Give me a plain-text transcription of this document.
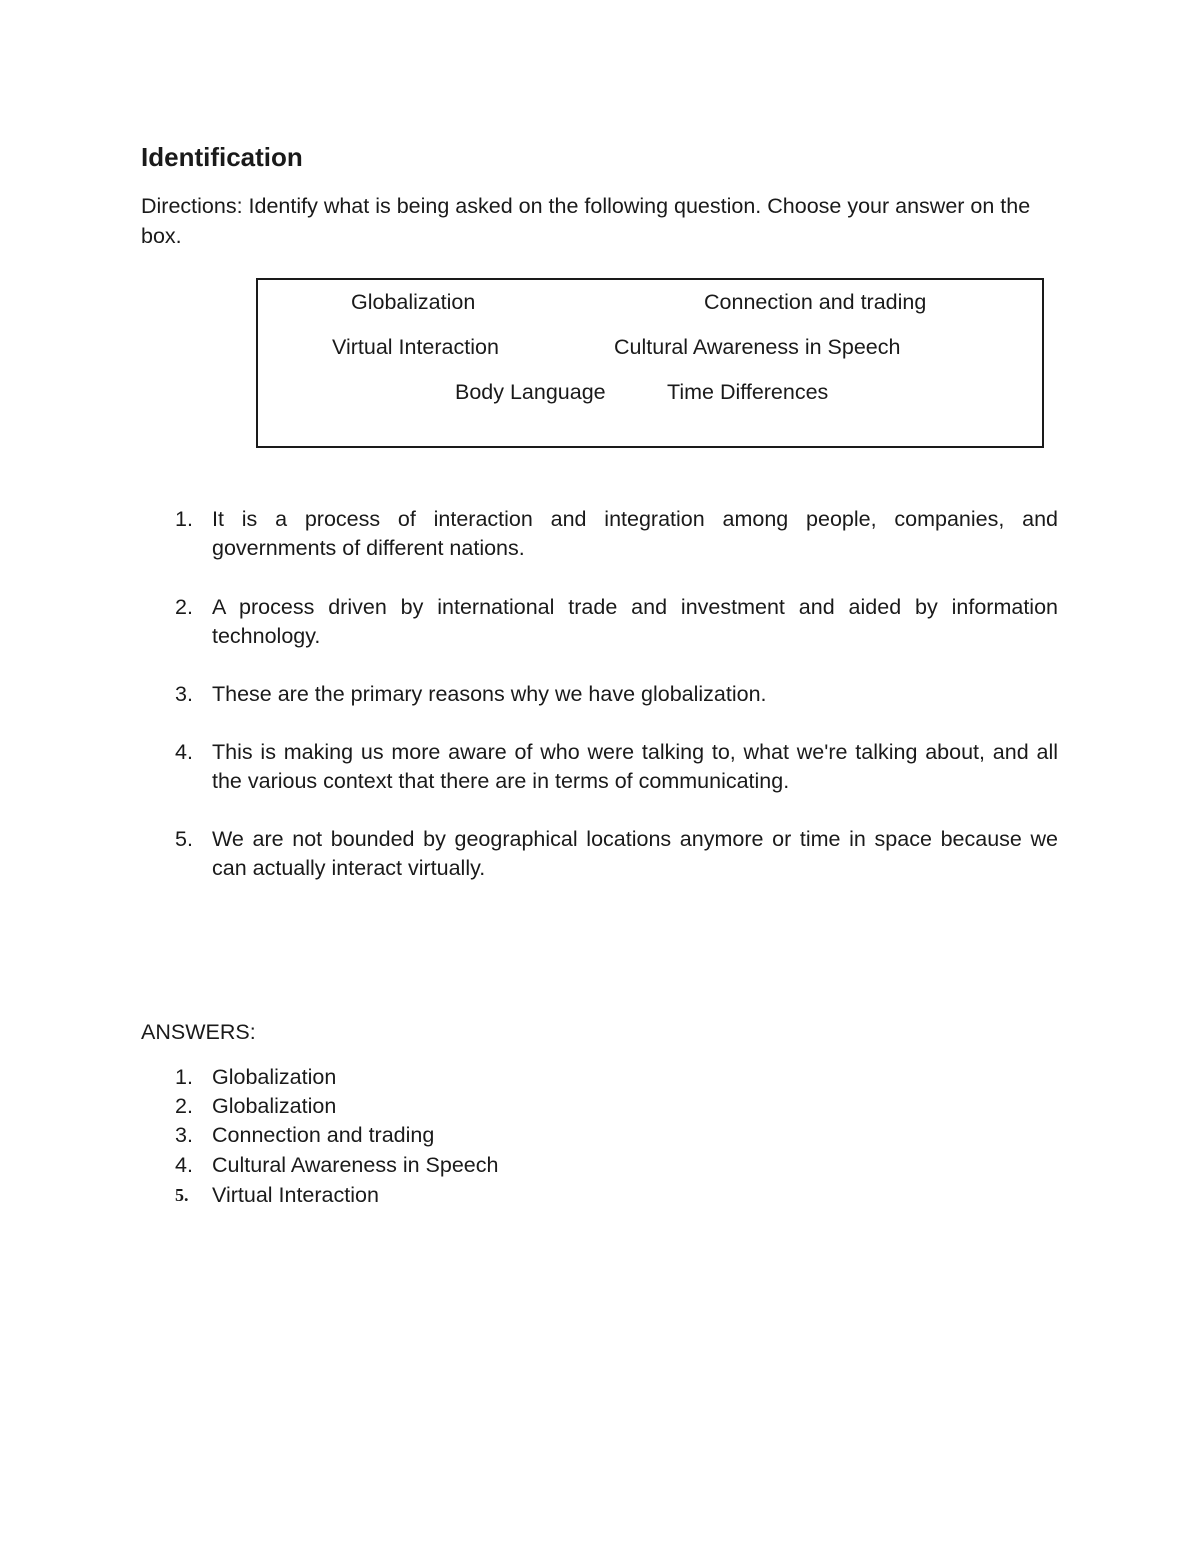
Identification

Directions: Identify what is being asked on the following question. Choose your answer on the box.

Globalization	Connection and trading
Virtual Interaction	Cultural Awareness in Speech
Body Language	Time Differences
1. It is a process of interaction and integration among people, companies, and governments of different nations.
2. A process driven by international trade and investment and aided by information technology.
3. These are the primary reasons why we have globalization.
4. This is making us more aware of who were talking to, what we're talking about, and all the various context that there are in terms of communicating.
5. We are not bounded by geographical locations anymore or time in space because we can actually interact virtually.

ANSWERS:

1. Globalization
2. Globalization
3. Connection and trading
4. Cultural Awareness in Speech
5.	Virtual Interaction
